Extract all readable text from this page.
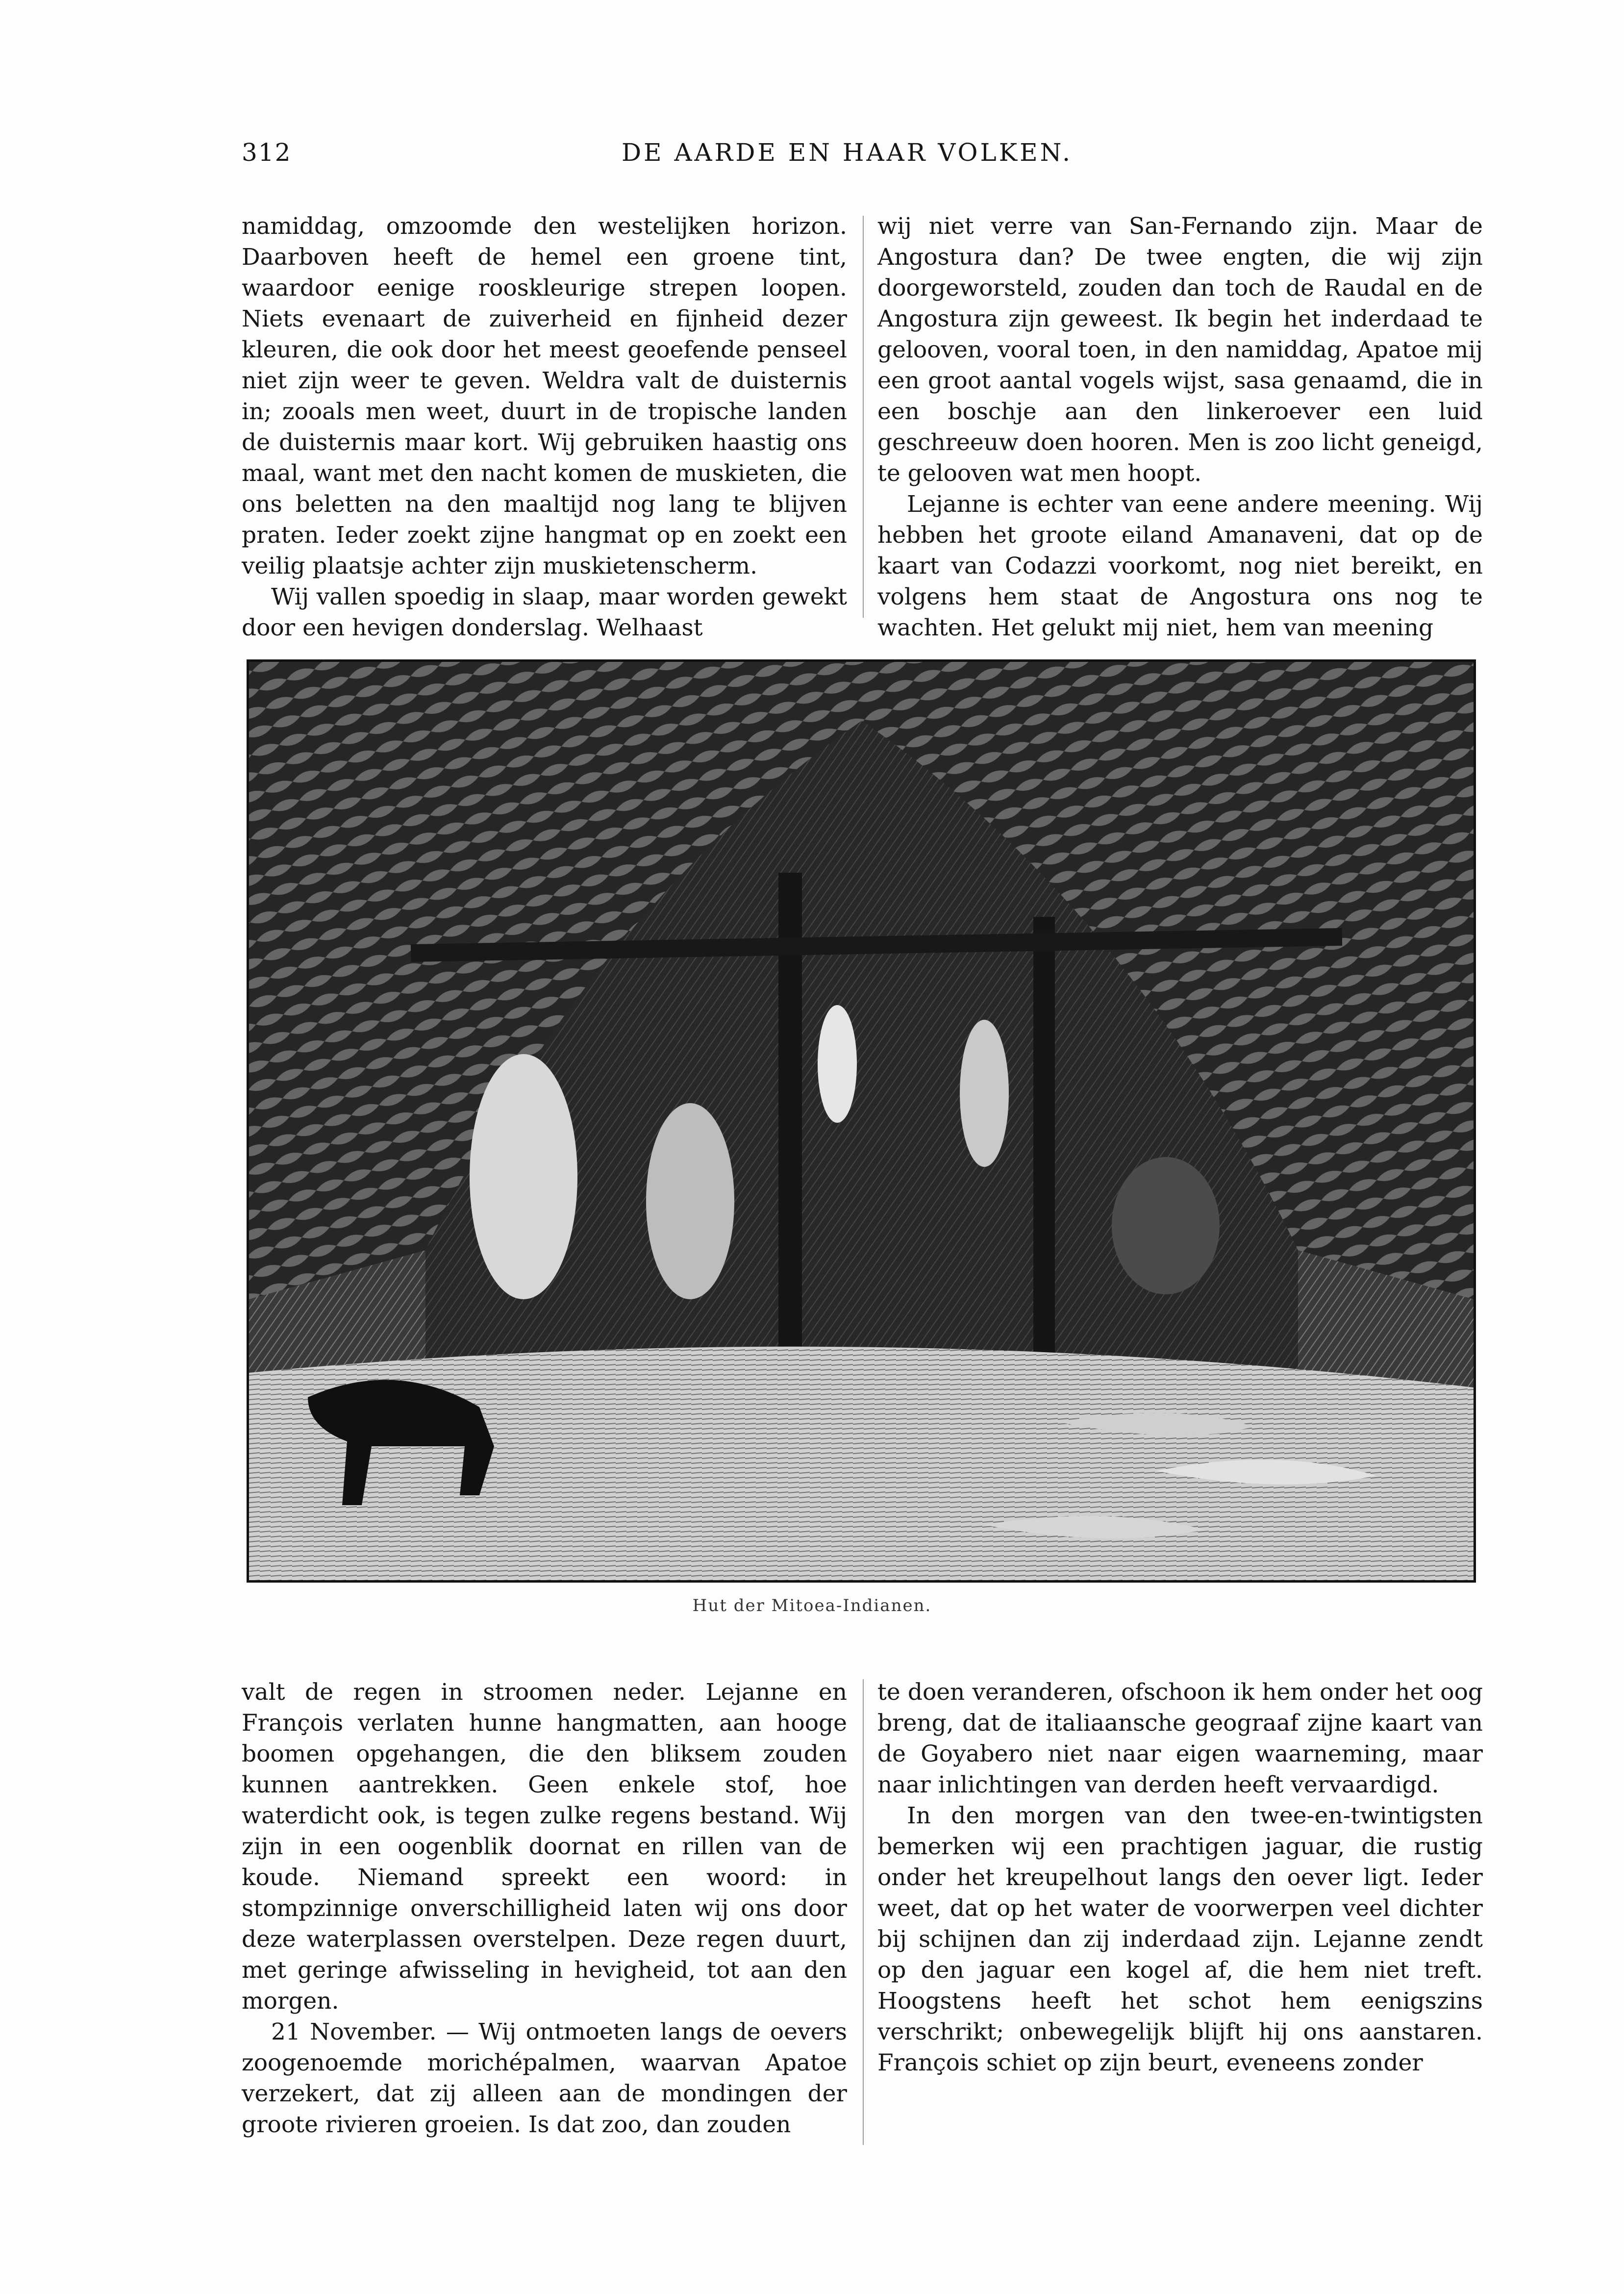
312	DE AARDE EN HAAR VOLKEN.

namiddag, omzoomde den westelijken horizon. Daarboven heeft de hemel een groene tint, waardoor eenige rooskleurige strepen loopen. Niets evenaart de zuiverheid en fijnheid dezer kleuren, die ook door het meest geoefende penseel niet zijn weer te geven. Weldra valt de duisternis in; zooals men weet, duurt in de tropische landen de duisternis maar kort. Wij gebruiken haastig ons maal, want met den nacht komen de muskieten, die ons beletten na den maaltijd nog lang te blijven praten. Ieder zoekt zijne hangmat op en zoekt een veilig plaatsje achter zijn muskietenscherm.

Wij vallen spoedig in slaap, maar worden gewekt door een hevigen donderslag. Welhaast

wij niet verre van San-Fernando zijn. Maar de Angostura dan? De twee engten, die wij zijn doorgeworsteld, zouden dan toch de Raudal en de Angostura zijn geweest. Ik begin het inderdaad te gelooven, vooral toen, in den namiddag, Apatoe mij een groot aantal vogels wijst, sasa genaamd, die in een boschje aan den linkeroever een luid geschreeuw doen hooren. Men is zoo licht geneigd, te gelooven wat men hoopt.

Lejanne is echter van eene andere meening. Wij hebben het groote eiland Amanaveni, dat op de kaart van Codazzi voorkomt, nog niet bereikt, en volgens hem staat de Angostura ons nog te wachten. Het gelukt mij niet, hem van meening

Hut der Mitoea-Indianen.

valt de regen in stroomen neder. Lejanne en François verlaten hunne hangmatten, aan hooge boomen opgehangen, die den bliksem zouden kunnen aantrekken. Geen enkele stof, hoe waterdicht ook, is tegen zulke regens bestand. Wij zijn in een oogenblik doornat en rillen van de koude. Niemand spreekt een woord: in stompzinnige onverschilligheid laten wij ons door deze waterplassen overstelpen. Deze regen duurt, met geringe afwisseling in hevigheid, tot aan den morgen.

21 November. — Wij ontmoeten langs de oevers zoogenoemde morichépalmen, waarvan Apatoe verzekert, dat zij alleen aan de mondingen der groote rivieren groeien. Is dat zoo, dan zouden

te doen veranderen, ofschoon ik hem onder het oog breng, dat de italiaansche geograaf zijne kaart van de Goyabero niet naar eigen waarneming, maar naar inlichtingen van derden heeft vervaardigd.

In den morgen van den twee-en-twintigsten bemerken wij een prachtigen jaguar, die rustig onder het kreupelhout langs den oever ligt. Ieder weet, dat op het water de voorwerpen veel dichter bij schijnen dan zij inderdaad zijn. Lejanne zendt op den jaguar een kogel af, die hem niet treft. Hoogstens heeft het schot hem eenigszins verschrikt; onbewegelijk blijft hij ons aanstaren. François schiet op zijn beurt, eveneens zonder
